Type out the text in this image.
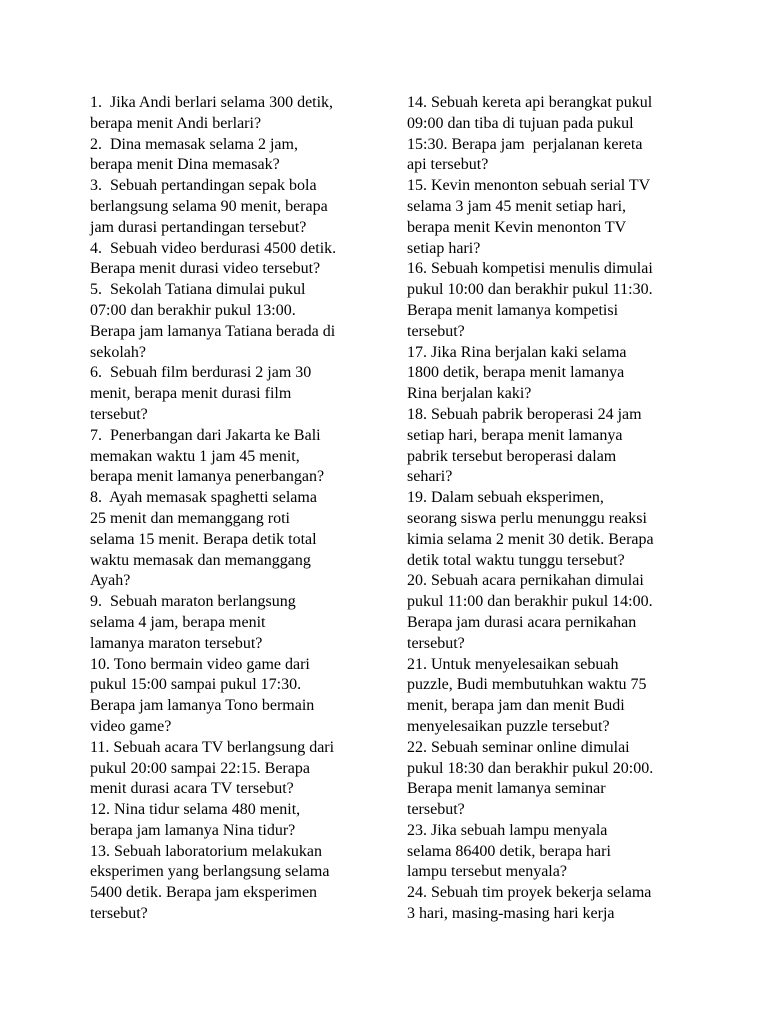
1.  Jika Andi berlari selama 300 detik,
berapa menit Andi berlari?
2.  Dina memasak selama 2 jam,
berapa menit Dina memasak?
3.  Sebuah pertandingan sepak bola
berlangsung selama 90 menit, berapa
jam durasi pertandingan tersebut?
4.  Sebuah video berdurasi 4500 detik.
Berapa menit durasi video tersebut?
5.  Sekolah Tatiana dimulai pukul
07:00 dan berakhir pukul 13:00.
Berapa jam lamanya Tatiana berada di
sekolah?
6.  Sebuah film berdurasi 2 jam 30
menit, berapa menit durasi film
tersebut?
7.  Penerbangan dari Jakarta ke Bali
memakan waktu 1 jam 45 menit,
berapa menit lamanya penerbangan?
8.  Ayah memasak spaghetti selama
25 menit dan memanggang roti
selama 15 menit. Berapa detik total
waktu memasak dan memanggang
Ayah?
9.  Sebuah maraton berlangsung
selama 4 jam, berapa menit
lamanya maraton tersebut?
10. Tono bermain video game dari
pukul 15:00 sampai pukul 17:30.
Berapa jam lamanya Tono bermain
video game?
11. Sebuah acara TV berlangsung dari
pukul 20:00 sampai 22:15. Berapa
menit durasi acara TV tersebut?
12. Nina tidur selama 480 menit,
berapa jam lamanya Nina tidur?
13. Sebuah laboratorium melakukan
eksperimen yang berlangsung selama
5400 detik. Berapa jam eksperimen
tersebut?
14. Sebuah kereta api berangkat pukul
09:00 dan tiba di tujuan pada pukul
15:30. Berapa jam  perjalanan kereta
api tersebut?
15. Kevin menonton sebuah serial TV
selama 3 jam 45 menit setiap hari,
berapa menit Kevin menonton TV
setiap hari?
16. Sebuah kompetisi menulis dimulai
pukul 10:00 dan berakhir pukul 11:30.
Berapa menit lamanya kompetisi
tersebut?
17. Jika Rina berjalan kaki selama
1800 detik, berapa menit lamanya
Rina berjalan kaki?
18. Sebuah pabrik beroperasi 24 jam
setiap hari, berapa menit lamanya
pabrik tersebut beroperasi dalam
sehari?
19. Dalam sebuah eksperimen,
seorang siswa perlu menunggu reaksi
kimia selama 2 menit 30 detik. Berapa
detik total waktu tunggu tersebut?
20. Sebuah acara pernikahan dimulai
pukul 11:00 dan berakhir pukul 14:00.
Berapa jam durasi acara pernikahan
tersebut?
21. Untuk menyelesaikan sebuah
puzzle, Budi membutuhkan waktu 75
menit, berapa jam dan menit Budi
menyelesaikan puzzle tersebut?
22. Sebuah seminar online dimulai
pukul 18:30 dan berakhir pukul 20:00.
Berapa menit lamanya seminar
tersebut?
23. Jika sebuah lampu menyala
selama 86400 detik, berapa hari
lampu tersebut menyala?
24. Sebuah tim proyek bekerja selama
3 hari, masing-masing hari kerja
